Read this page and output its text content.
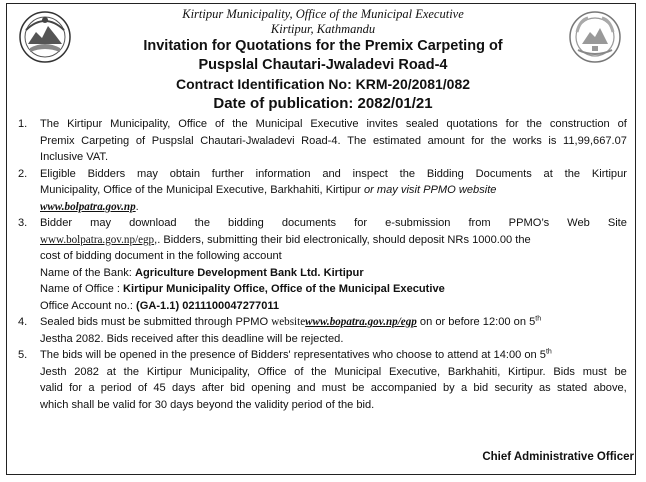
Kirtipur Municipality, Office of the Municipal Executive
Kirtipur, Kathmandu
Invitation for Quotations for the Premix Carpeting of
Puspslal Chautari-Jwaladevi Road-4
Contract Identification No: KRM-20/2081/082
Date of publication: 2082/01/21
1.	The Kirtipur Municipality, Office of the Municipal Executive invites sealed quotations for the construction of
Premix Carpeting of Puspslal Chautari-Jwaladevi Road-4. The estimated amount for the works is 11,99,667.07
Inclusive VAT.
2.	Eligible Bidders may obtain further information and inspect the Bidding Documents at the Kirtipur
Municipality, Office of the Municipal Executive, Barkhahiti, Kirtipur or may visit PPMO website
www.bolpatra.gov.np.
3.	Bidder may download the bidding documents for e-submission from PPMO’s Web Site
www.bolpatra.gov.np/egp,. Bidders, submitting their bid electronically, should deposit NRs 1000.00 the
cost of bidding document in the following account
Name of the Bank: Agriculture Development Bank Ltd. Kirtipur
Name of Office : Kirtipur Municipality Office, Office of the Municipal Executive
Office Account no.: (GA-1.1) 0211100047277011
4.	Sealed bids must be submitted through PPMO websitewww.bopatra.gov.np/egp on or before 12:00 on 5th
Jestha 2082. Bids received after this deadline will be rejected.
5.	The bids will be opened in the presence of Bidders' representatives who choose to attend at 14:00 on 5th
Jesth 2082 at the Kirtipur Municipality, Office of the Municipal Executive, Barkhahiti, Kirtipur. Bids must be
valid for a period of 45 days after bid opening and must be accompanied by a bid security as stated above,
which shall be valid for 30 days beyond the validity period of the bid.
Chief Administrative Officer
